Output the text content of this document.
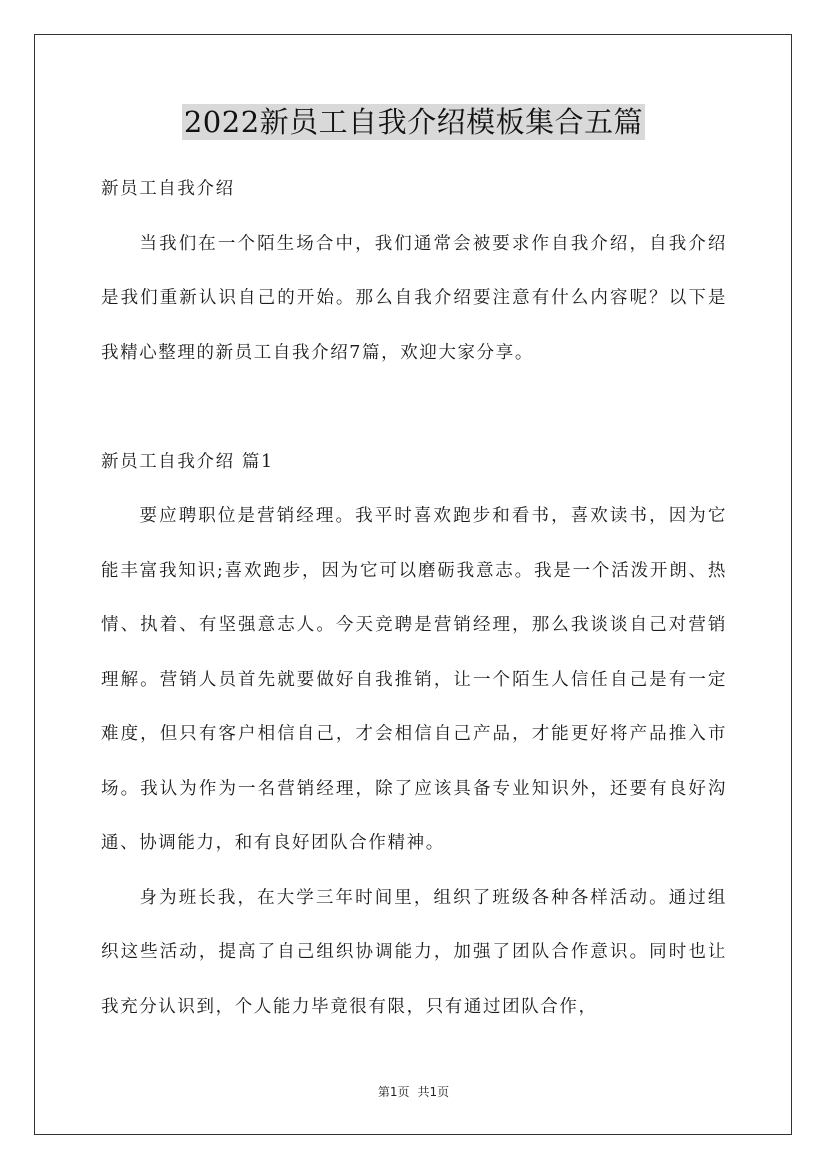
2022新员工自我介绍模板集合五篇

新员工自我介绍

当我们在一个陌生场合中，我们通常会被要求作自我介绍，自我介绍是我们重新认识自己的开始。那么自我介绍要注意有什么内容呢？以下是我精心整理的新员工自我介绍7篇，欢迎大家分享。

新员工自我介绍 篇1

要应聘职位是营销经理。我平时喜欢跑步和看书，喜欢读书，因为它能丰富我知识;喜欢跑步，因为它可以磨砺我意志。我是一个活泼开朗、热情、执着、有坚强意志人。今天竞聘是营销经理，那么我谈谈自己对营销理解。营销人员首先就要做好自我推销，让一个陌生人信任自己是有一定难度，但只有客户相信自己，才会相信自己产品，才能更好将产品推入市场。我认为作为一名营销经理，除了应该具备专业知识外，还要有良好沟通、协调能力，和有良好团队合作精神。

身为班长我，在大学三年时间里，组织了班级各种各样活动。通过组织这些活动，提高了自己组织协调能力，加强了团队合作意识。同时也让我充分认识到，个人能力毕竟很有限，只有通过团队合作，

第1页 共1页
